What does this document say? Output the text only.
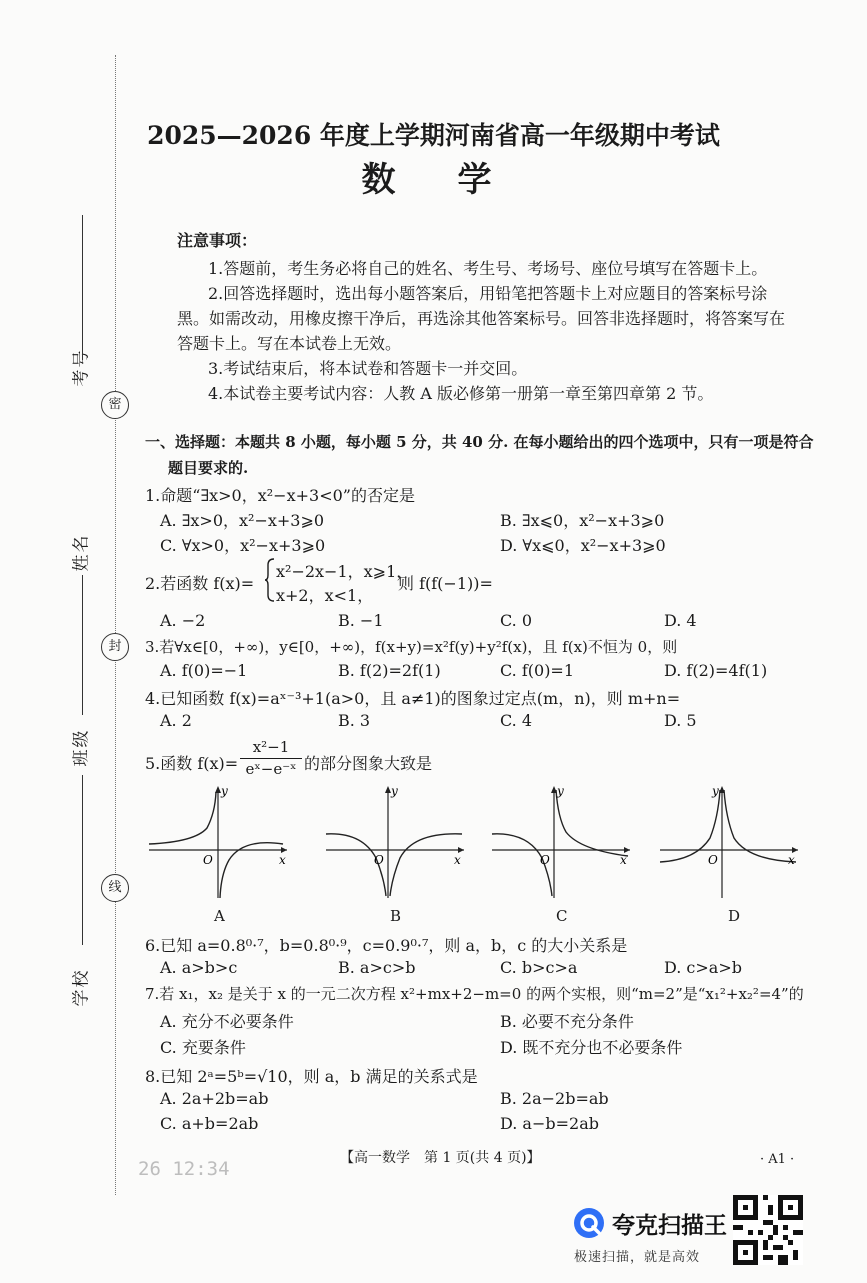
考号
姓名
班级
学校
密
封
线
2025—2026 年度上学期河南省高一年级期中考试
数　学
注意事项：
1.答题前，考生务必将自己的姓名、考生号、考场号、座位号填写在答题卡上。
2.回答选择题时，选出每小题答案后，用铅笔把答题卡上对应题目的答案标号涂
黑。如需改动，用橡皮擦干净后，再选涂其他答案标号。回答非选择题时，将答案写在
答题卡上。写在本试卷上无效。
3.考试结束后，将本试卷和答题卡一并交回。
4.本试卷主要考试内容：人教 A 版必修第一册第一章至第四章第 2 节。
一、选择题：本题共 8 小题，每小题 5 分，共 40 分. 在每小题给出的四个选项中，只有一项是符合
题目要求的.
1.命题“∃x>0，x²−x+3<0”的否定是
A. ∃x>0，x²−x+3⩾0	B. ∃x⩽0，x²−x+3⩾0
C. ∀x>0，x²−x+3⩾0	D. ∀x⩽0，x²−x+3⩾0
2.若函数 f(x)=
x²−2x−1，x⩾1，
x+2，x<1，
则 f(f(−1))=
A. −2	B. −1	C. 0	D. 4
3.若∀x∈[0，+∞)，y∈[0，+∞)，f(x+y)=x²f(y)+y²f(x)，且 f(x)不恒为 0，则
A. f(0)=−1	B. f(2)=2f(1)	C. f(0)=1	D. f(2)=4f(1)
4.已知函数 f(x)=aˣ⁻³+1(a>0，且 a≠1)的图象过定点(m，n)，则 m+n=
A. 2	B. 3	C. 4	D. 5
5.函数 f(x)=
x²−1
eˣ−e⁻ˣ 的部分图象大致是
y
O	x
A
y
O	x
B
y
O	x
C
y
O	x
D
6.已知 a=0.8⁰·⁷，b=0.8⁰·⁹，c=0.9⁰·⁷，则 a，b，c 的大小关系是
A. a>b>c	B. a>c>b	C. b>c>a	D. c>a>b
7.若 x₁，x₂ 是关于 x 的一元二次方程 x²+mx+2−m=0 的两个实根，则“m=2”是“x₁²+x₂²=4”的
A. 充分不必要条件	B. 必要不充分条件
C. 充要条件	D. 既不充分也不必要条件
8.已知 2ᵃ=5ᵇ=√10，则 a，b 满足的关系式是
A. 2a+2b=ab	B. 2a−2b=ab
C. a+b=2ab	D. a−b=2ab
【高一数学　第 1 页(共 4 页)】	· A1 ·
26 12:34
夸克扫描王
极速扫描，就是高效
